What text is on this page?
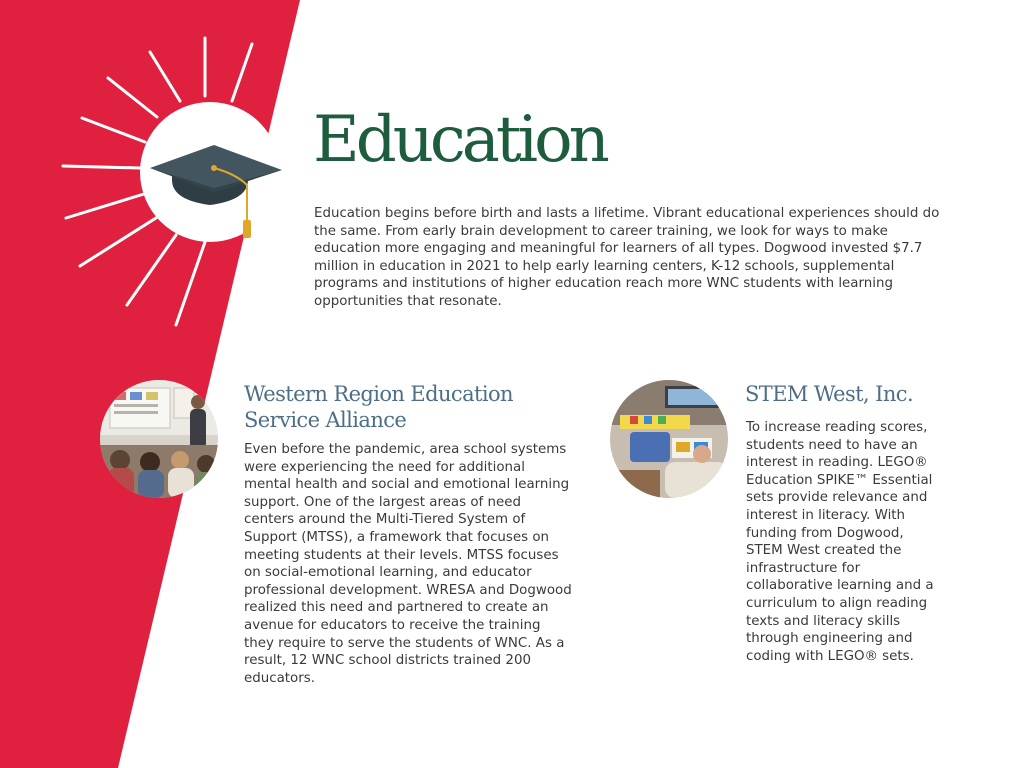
Education

Education begins before birth and lasts a lifetime. Vibrant educational experiences should do the same. From early brain development to career training, we look for ways to make education more engaging and meaningful for learners of all types. Dogwood invested $7.7 million in education in 2021 to help early learning centers, K-12 schools, supplemental programs and institutions of higher education reach more WNC students with learning opportunities that resonate.

Western Region Education Service Alliance

Even before the pandemic, area school systems were experiencing the need for additional mental health and social and emotional learning support. One of the largest areas of need centers around the Multi-Tiered System of Support (MTSS), a framework that focuses on meeting students at their levels. MTSS focuses on social-emotional learning, and educator professional development. WRESA and Dogwood realized this need and partnered to create an avenue for educators to receive the training they require to serve the students of WNC. As a result, 12 WNC school districts trained 200 educators.

STEM West, Inc.

To increase reading scores, students need to have an interest in reading. LEGO® Education SPIKE™ Essential sets provide relevance and interest in literacy. With funding from Dogwood, STEM West created the infrastructure for collaborative learning and a curriculum to align reading texts and literacy skills through engineering and coding with LEGO® sets.
